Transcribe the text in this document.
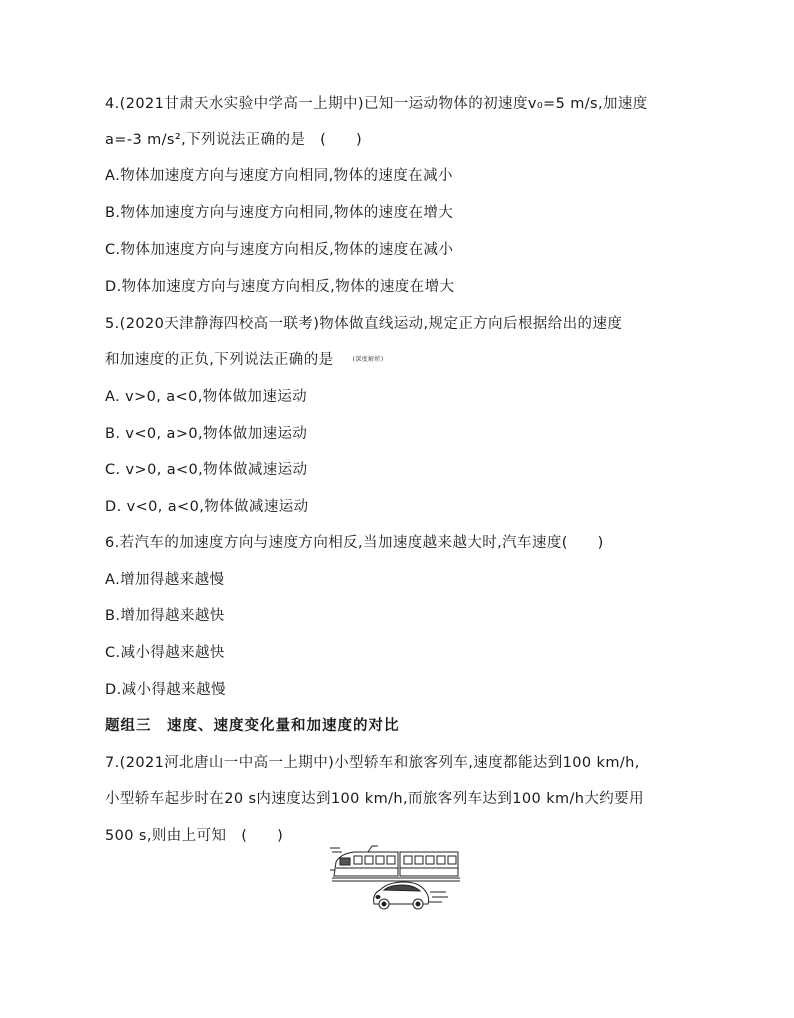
4.(2021甘肃天水实验中学高一上期中)已知一运动物体的初速度v₀=5 m/s,加速度
a=-3 m/s²,下列说法正确的是　(　　)
A.物体加速度方向与速度方向相同,物体的速度在减小
B.物体加速度方向与速度方向相同,物体的速度在增大
C.物体加速度方向与速度方向相反,物体的速度在减小
D.物体加速度方向与速度方向相反,物体的速度在增大
5.(2020天津静海四校高一联考)物体做直线运动,规定正方向后根据给出的速度
和加速度的正负,下列说法正确的是	(深度解析)
A. v>0, a<0,物体做加速运动
B. v<0, a>0,物体做加速运动
C. v>0, a<0,物体做减速运动
D. v<0, a<0,物体做减速运动
6.若汽车的加速度方向与速度方向相反,当加速度越来越大时,汽车速度(　　)
A.增加得越来越慢
B.增加得越来越快
C.减小得越来越快
D.减小得越来越慢
题组三　速度、速度变化量和加速度的对比
7.(2021河北唐山一中高一上期中)小型轿车和旅客列车,速度都能达到100 km/h,
小型轿车起步时在20 s内速度达到100 km/h,而旅客列车达到100 km/h大约要用
500 s,则由上可知　(　　)
